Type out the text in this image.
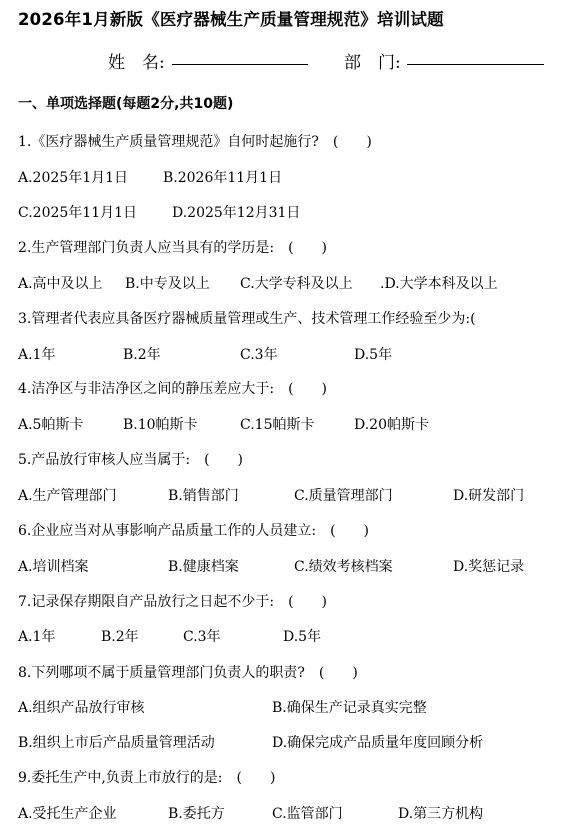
2026年1月新版《医疗器械生产质量管理规范》培训试题
姓　名:	部　门:
一、单项选择题(每题2分,共10题)
1.《医疗器械生产质量管理规范》自何时起施行?　(　　)
A.2025年1月1日 B.2026年11月1日
C.2025年11月1日 D.2025年12月31日
2.生产管理部门负责人应当具有的学历是:　(　　)
A.高中及以上 B.中专及以上 C.大学专科及以上 .D.大学本科及以上
3.管理者代表应具备医疗器械质量管理或生产、技术管理工作经验至少为:(
A.1年	B.2年	C.3年	D.5年
4.洁净区与非洁净区之间的静压差应大于:　(　　)
A.5帕斯卡	B.10帕斯卡	C.15帕斯卡	D.20帕斯卡
5.产品放行审核人应当属于:　(　　)
A.生产管理部门	B.销售部门	C.质量管理部门	D.研发部门
6.企业应当对从事影响产品质量工作的人员建立:　(　　)
A.培训档案	B.健康档案	C.绩效考核档案	D.奖惩记录
7.记录保存期限自产品放行之日起不少于:　(　　)
A.1年	B.2年	C.3年	D.5年
8.下列哪项不属于质量管理部门负责人的职责?　(　　)
A.组织产品放行审核	B.确保生产记录真实完整
B.组织上市后产品质量管理活动	D.确保完成产品质量年度回顾分析
9.委托生产中,负责上市放行的是:　(　　)
A.受托生产企业	B.委托方	C.监管部门	D.第三方机构
